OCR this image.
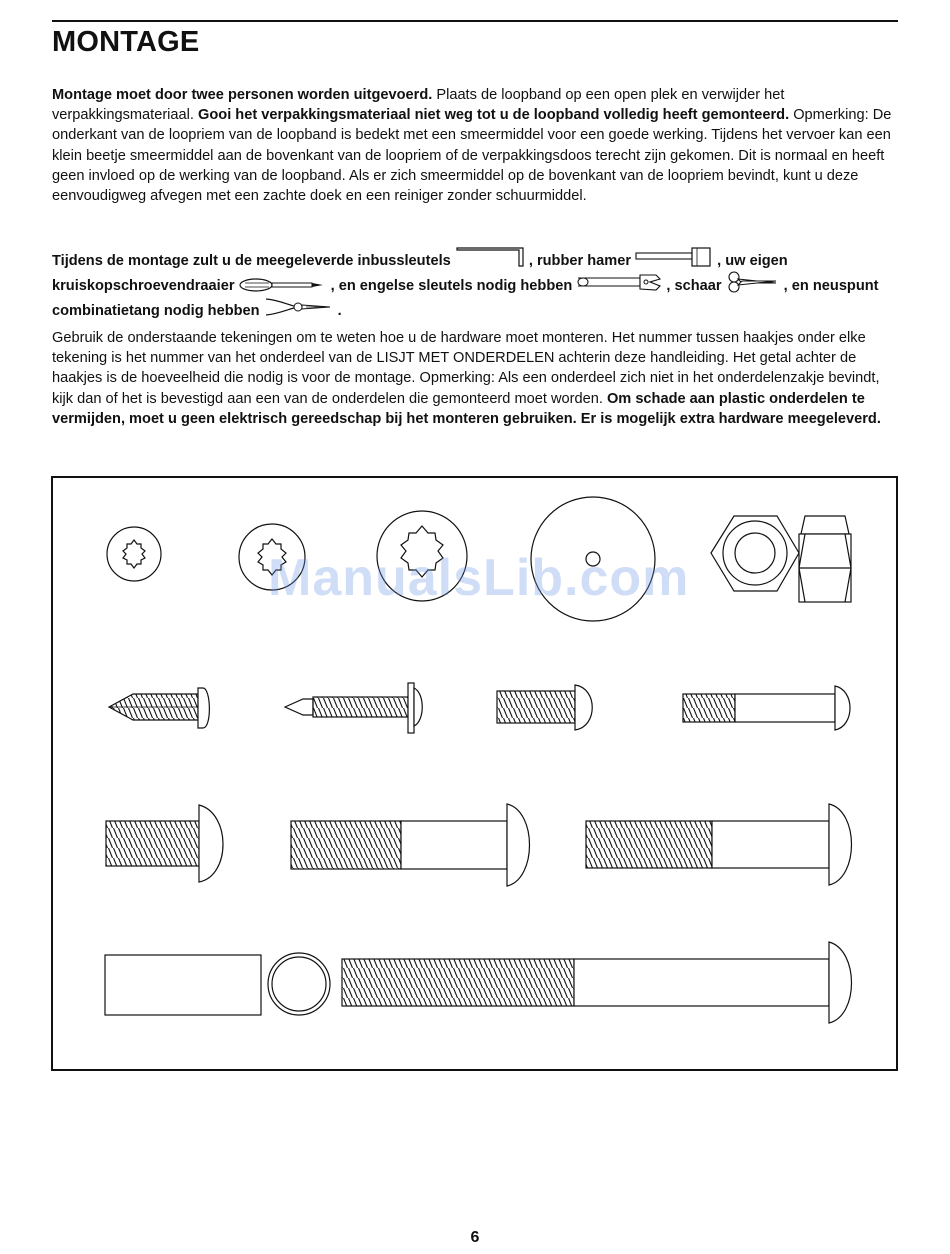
MONTAGE

Montage moet door twee personen worden uitgevoerd. Plaats de loopband op een open plek en verwijder het verpakkingsmateriaal. Gooi het verpakkingsmateriaal niet weg tot u de loopband volledig heeft gemonteerd. Opmerking: De onderkant van de loopriem van de loopband is bedekt met een smeermiddel voor een goede werking. Tijdens het vervoer kan een klein beetje smeermiddel aan de bovenkant van de loopriem of de verpakkingsdoos terecht zijn gekomen. Dit is normaal en heeft geen invloed op de werking van de loopband. Als er zich smeermiddel op de bovenkant van de loopriem bevindt, kunt u deze eenvoudigweg afvegen met een zachte doek en een reiniger zonder schuurmiddel.

Tijdens de montage zult u de meegeleverde inbussleutels	, rubber hamer	, uw eigen kruiskopschroevendraaier	, en engelse sleutels nodig hebben	, schaar	, en neuspunt combinatietang nodig hebben	.

Gebruik de onderstaande tekeningen om te weten hoe u de hardware moet monteren. Het nummer tussen haakjes onder elke tekening is het nummer van het onderdeel van de LISJT MET ONDERDELEN achterin deze handleiding. Het getal achter de haakjes is de hoeveelheid die nodig is voor de montage. Opmerking: Als een onderdeel zich niet in het onderdelenzakje bevindt, kijk dan of het is bevestigd aan een van de onderdelen die gemonteerd moet worden. Om schade aan plastic onderdelen te vermijden, moet u geen elektrisch gereedschap bij het monteren gebruiken. Er is mogelijk extra hardware meegeleverd.

ManualsLib.com
6
